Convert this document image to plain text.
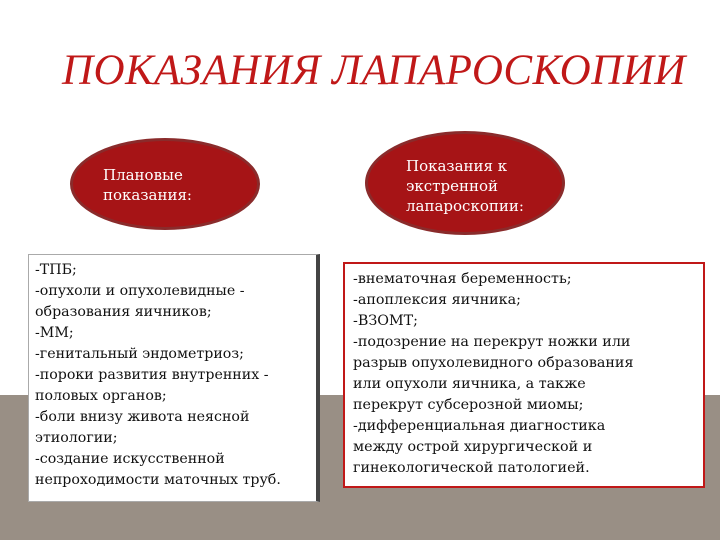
ПОКАЗАНИЯ ЛАПАРОСКОПИИ
Плановые
показания:
Показания к
экстренной
лапароскопии:
-ТПБ;
-опухоли и опухолевидные -
образования яичников;
-ММ;
-генитальный эндометриоз;
-пороки развития внутренних -
половых органов;
-боли внизу живота неясной
этиологии;
-создание искусственной
непроходимости маточных труб.
-внематочная беременность;
-апоплексия яичника;
-ВЗОМТ;
-подозрение на перекрут ножки или
разрыв опухолевидного образования
или опухоли яичника, а также
перекрут субсерозной миомы;
-дифференциальная диагностика
между острой хирургической и
гинекологической патологией.
